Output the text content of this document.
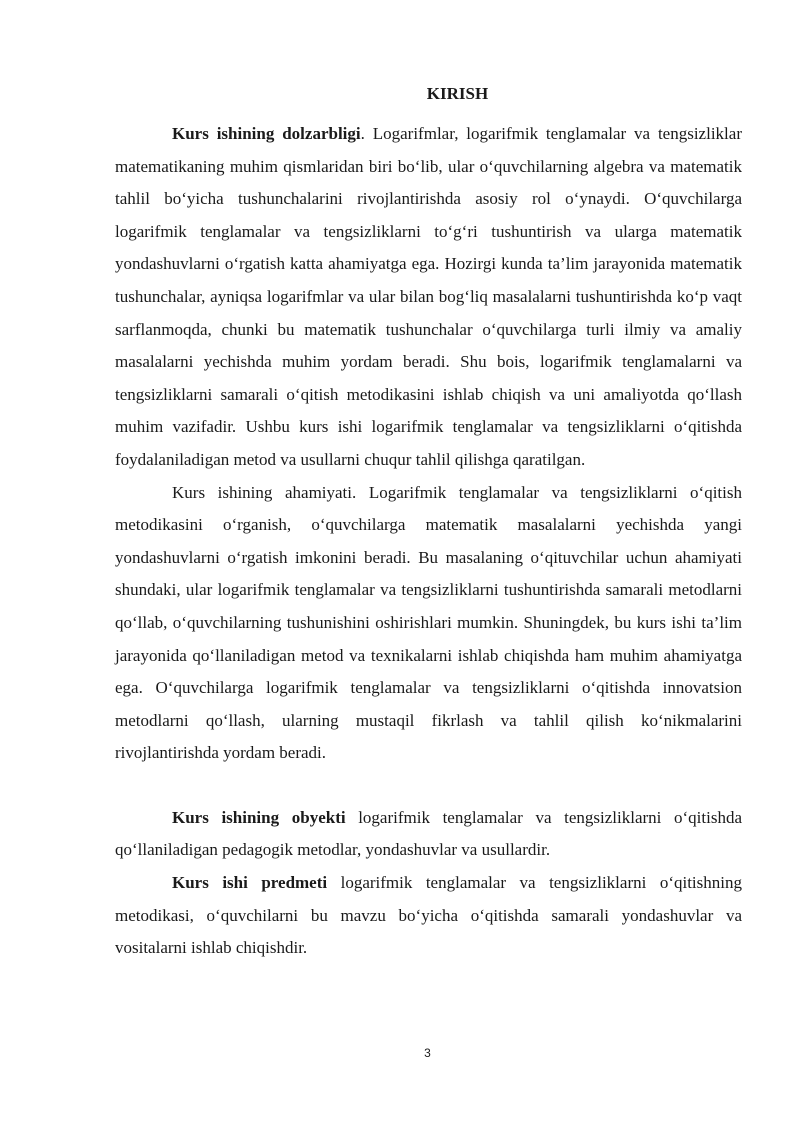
KIRISH

Kurs ishining dolzarbligi. Logarifmlar, logarifmik tenglamalar va tengsizliklar matematikaning muhim qismlaridan biri bo‘lib, ular o‘quvchilarning algebra va matematik tahlil bo‘yicha tushunchalarini rivojlantirishda asosiy rol o‘ynaydi. O‘quvchilarga logarifmik tenglamalar va tengsizliklarni to‘g‘ri tushuntirish va ularga matematik yondashuvlarni o‘rgatish katta ahamiyatga ega. Hozirgi kunda ta’lim jarayonida matematik tushunchalar, ayniqsa logarifmlar va ular bilan bog‘liq masalalarni tushuntirishda ko‘p vaqt sarflanmoqda, chunki bu matematik tushunchalar o‘quvchilarga turli ilmiy va amaliy masalalarni yechishda muhim yordam beradi. Shu bois, logarifmik tenglamalarni va tengsizliklarni samarali o‘qitish metodikasini ishlab chiqish va uni amaliyotda qo‘llash muhim vazifadir. Ushbu kurs ishi logarifmik tenglamalar va tengsizliklarni o‘qitishda foydalaniladigan metod va usullarni chuqur tahlil qilishga qaratilgan.

Kurs ishining ahamiyati. Logarifmik tenglamalar va tengsizliklarni o‘qitish metodikasini o‘rganish, o‘quvchilarga matematik masalalarni yechishda yangi yondashuvlarni o‘rgatish imkonini beradi. Bu masalaning o‘qituvchilar uchun ahamiyati shundaki, ular logarifmik tenglamalar va tengsizliklarni tushuntirishda samarali metodlarni qo‘llab, o‘quvchilarning tushunishini oshirishlari mumkin. Shuningdek, bu kurs ishi ta’lim jarayonida qo‘llaniladigan metod va texnikalarni ishlab chiqishda ham muhim ahamiyatga ega. O‘quvchilarga logarifmik tenglamalar va tengsizliklarni o‘qitishda innovatsion metodlarni qo‘llash, ularning mustaqil fikrlash va tahlil qilish ko‘nikmalarini rivojlantirishda yordam beradi.

Kurs ishining obyekti logarifmik tenglamalar va tengsizliklarni o‘qitishda qo‘llaniladigan pedagogik metodlar, yondashuvlar va usullardir.

Kurs ishi predmeti logarifmik tenglamalar va tengsizliklarni o‘qitishning metodikasi, o‘quvchilarni bu mavzu bo‘yicha o‘qitishda samarali yondashuvlar va vositalarni ishlab chiqishdir.

3
